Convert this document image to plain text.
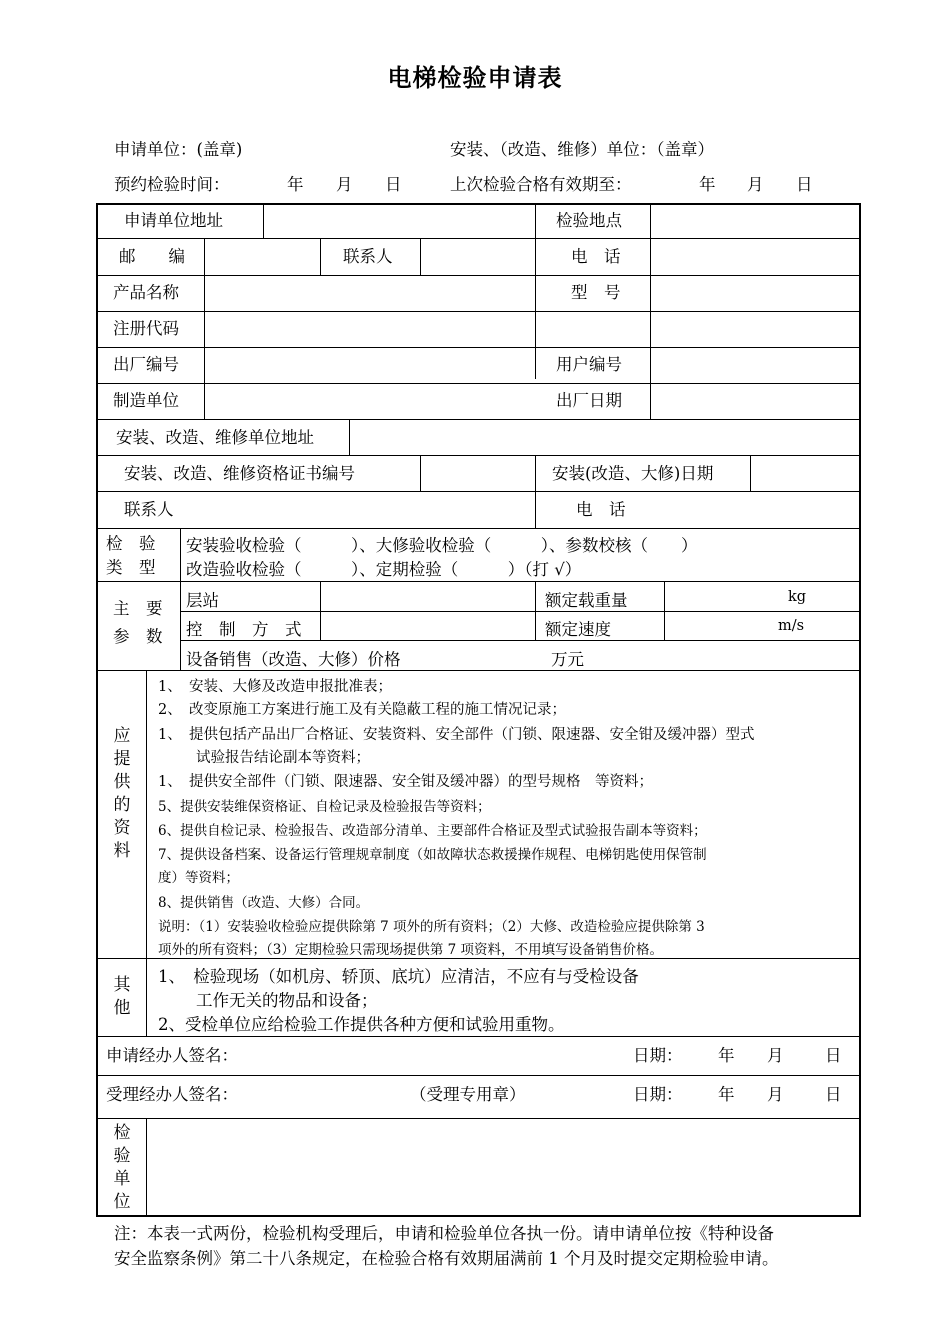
电梯检验申请表
申请单位：(盖章)	安装、（改造、维修）单位：（盖章）
预约检验时间：	年 月 日	上次检验合格有效期至：	年 月 日
申请单位地址	检验地点
邮　　编	联系人	电　话
产品名称	型　号
注册代码
出厂编号	用户编号
制造单位	出厂日期
安装、改造、维修单位地址
安装、改造、维修资格证书编号	安装(改造、大修)日期
联系人	电　话
检　验 类　型
安装验收检验（　　　）、大修验收检验（　　　）、参数校核（　　）
改造验收检验（　　　）、定期检验（　　　）（打 √）
主　要 参　数
层站	额定载重量	kg
控　制　方　式	额定速度	m/s
设备销售（改造、大修）价格	万元
应提供的资料
1、　安装、大修及改造申报批准表；
2、　改变原施工方案进行施工及有关隐蔽工程的施工情况记录；
1、　提供包括产品出厂合格证、安装资料、安全部件（门锁、限速器、安全钳及缓冲器）型式
试验报告结论副本等资料；
1、　提供安全部件（门锁、限速器、安全钳及缓冲器）的型号规格　等资料；
5、提供安装维保资格证、自检记录及检验报告等资料；
6、提供自检记录、检验报告、改造部分清单、主要部件合格证及型式试验报告副本等资料；
7、提供设备档案、设备运行管理规章制度（如故障状态救援操作规程、电梯钥匙使用保管制
度）等资料；
8、提供销售（改造、大修）合同。
说明：（1）安装验收检验应提供除第 7 项外的所有资料；（2）大修、改造检验应提供除第 3
项外的所有资料；（3）定期检验只需现场提供第 7 项资料，不用填写设备销售价格。
其他
1、　检验现场（如机房、轿顶、底坑）应清洁，不应有与受检设备
工作无关的物品和设备；
2、受检单位应给检验工作提供各种方便和试验用重物。
申请经办人签名：	日期： 年 月	日
受理经办人签名：	（受理专用章）	日期： 年 月	日
检验单位
注：本表一式两份，检验机构受理后，申请和检验单位各执一份。请申请单位按《特种设备
安全监察条例》第二十八条规定，在检验合格有效期届满前 1 个月及时提交定期检验申请。
